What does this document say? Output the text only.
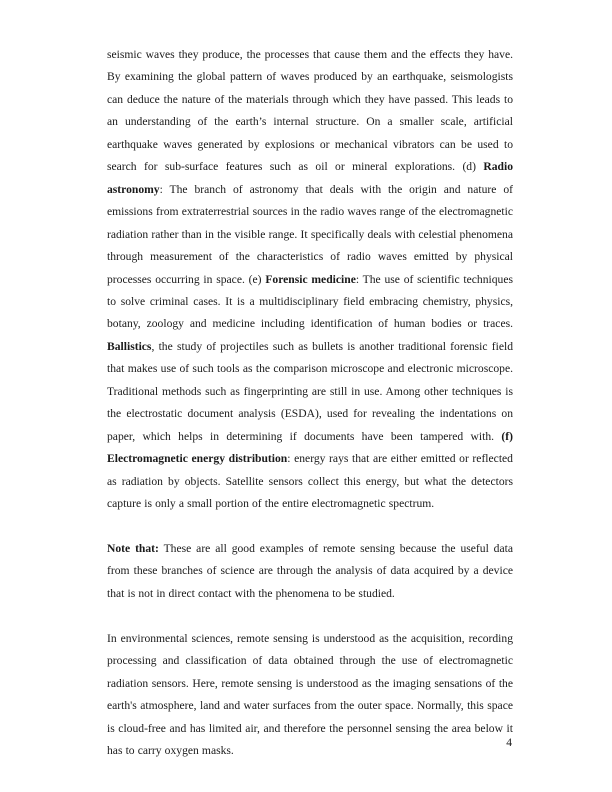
seismic waves they produce, the processes that cause them and the effects they have. By examining the global pattern of waves produced by an earthquake, seismologists can deduce the nature of the materials through which they have passed. This leads to an understanding of the earth’s internal structure. On a smaller scale, artificial earthquake waves generated by explosions or mechanical vibrators can be used to search for sub-surface features such as oil or mineral explorations. (d) Radio astronomy: The branch of astronomy that deals with the origin and nature of emissions from extraterrestrial sources in the radio waves range of the electromagnetic radiation rather than in the visible range. It specifically deals with celestial phenomena through measurement of the characteristics of radio waves emitted by physical processes occurring in space. (e) Forensic medicine: The use of scientific techniques to solve criminal cases. It is a multidisciplinary field embracing chemistry, physics, botany, zoology and medicine including identification of human bodies or traces. Ballistics, the study of projectiles such as bullets is another traditional forensic field that makes use of such tools as the comparison microscope and electronic microscope. Traditional methods such as fingerprinting are still in use. Among other techniques is the electrostatic document analysis (ESDA), used for revealing the indentations on paper, which helps in determining if documents have been tampered with. (f) Electromagnetic energy distribution: energy rays that are either emitted or reflected as radiation by objects. Satellite sensors collect this energy, but what the detectors capture is only a small portion of the entire electromagnetic spectrum.

Note that: These are all good examples of remote sensing because the useful data from these branches of science are through the analysis of data acquired by a device that is not in direct contact with the phenomena to be studied.

In environmental sciences, remote sensing is understood as the acquisition, recording processing and classification of data obtained through the use of electromagnetic radiation sensors. Here, remote sensing is understood as the imaging sensations of the earth's atmosphere, land and water surfaces from the outer space. Normally, this space is cloud-free and has limited air, and therefore the personnel sensing the area below it has to carry oxygen masks.

4
